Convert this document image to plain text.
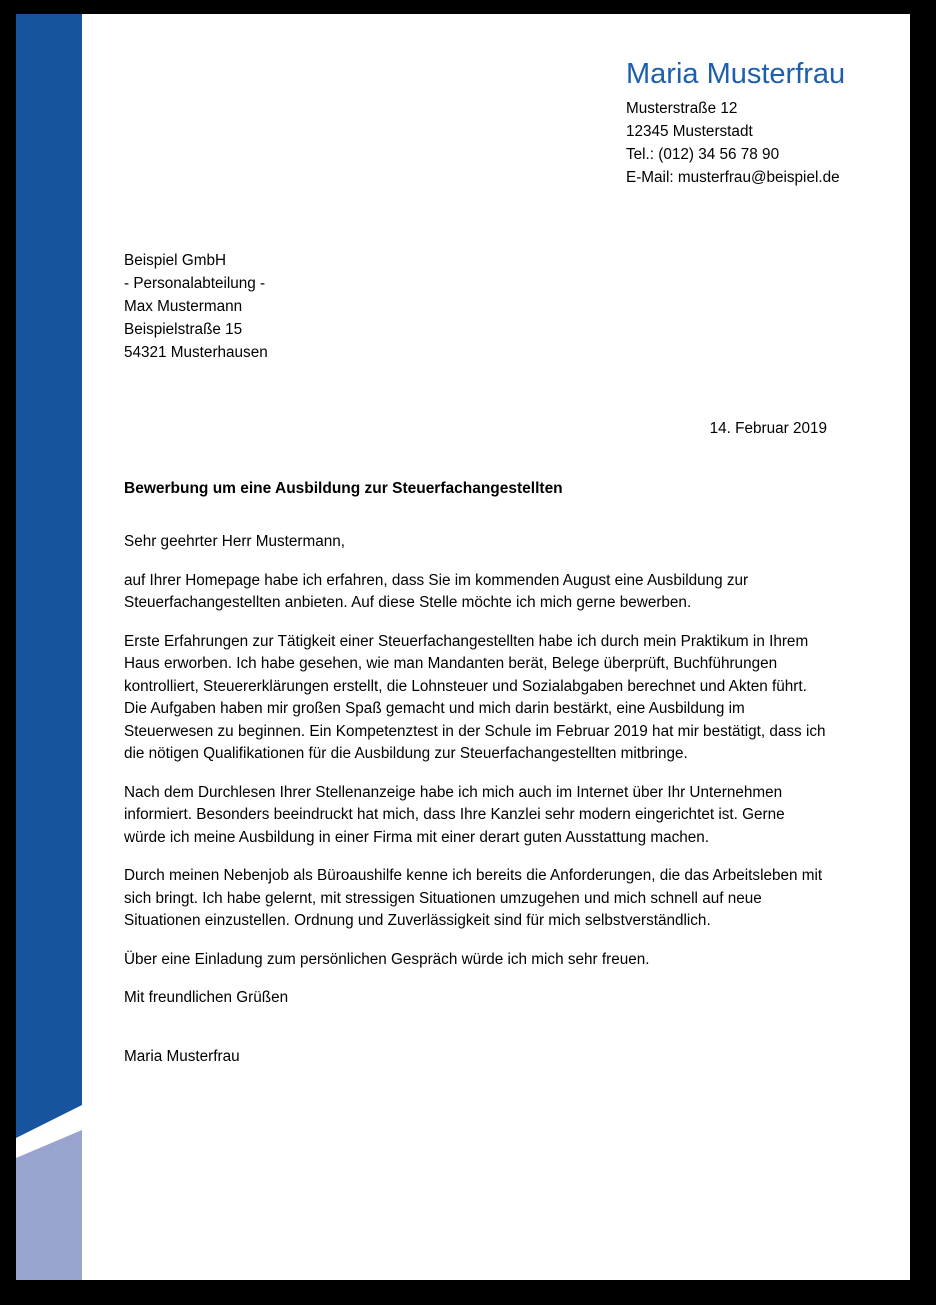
Maria Musterfrau
Musterstraße 12
12345 Musterstadt
Tel.: (012) 34 56 78 90
E-Mail: musterfrau@beispiel.de
Beispiel GmbH
- Personalabteilung -
Max Mustermann
Beispielstraße 15
54321 Musterhausen
14. Februar 2019
Bewerbung um eine Ausbildung zur Steuerfachangestellten

Sehr geehrter Herr Mustermann,

auf Ihrer Homepage habe ich erfahren, dass Sie im kommenden August eine Ausbildung zur Steuerfachangestellten anbieten. Auf diese Stelle möchte ich mich gerne bewerben.

Erste Erfahrungen zur Tätigkeit einer Steuerfachangestellten habe ich durch mein Praktikum in Ihrem Haus erworben. Ich habe gesehen, wie man Mandanten berät, Belege überprüft, Buchführungen kontrolliert, Steuererklärungen erstellt, die Lohnsteuer und Sozialabgaben berechnet und Akten führt. Die Aufgaben haben mir großen Spaß gemacht und mich darin bestärkt, eine Ausbildung im Steuerwesen zu beginnen. Ein Kompetenztest in der Schule im Februar 2019 hat mir bestätigt, dass ich die nötigen Qualifikationen für die Ausbildung zur Steuerfachangestellten mitbringe.

Nach dem Durchlesen Ihrer Stellenanzeige habe ich mich auch im Internet über Ihr Unternehmen informiert. Besonders beeindruckt hat mich, dass Ihre Kanzlei sehr modern eingerichtet ist. Gerne würde ich meine Ausbildung in einer Firma mit einer derart guten Ausstattung machen.

Durch meinen Nebenjob als Büroaushilfe kenne ich bereits die Anforderungen, die das Arbeitsleben mit sich bringt. Ich habe gelernt, mit stressigen Situationen umzugehen und mich schnell auf neue Situationen einzustellen. Ordnung und Zuverlässigkeit sind für mich selbstverständlich.

Über eine Einladung zum persönlichen Gespräch würde ich mich sehr freuen.

Mit freundlichen Grüßen

Maria Musterfrau
